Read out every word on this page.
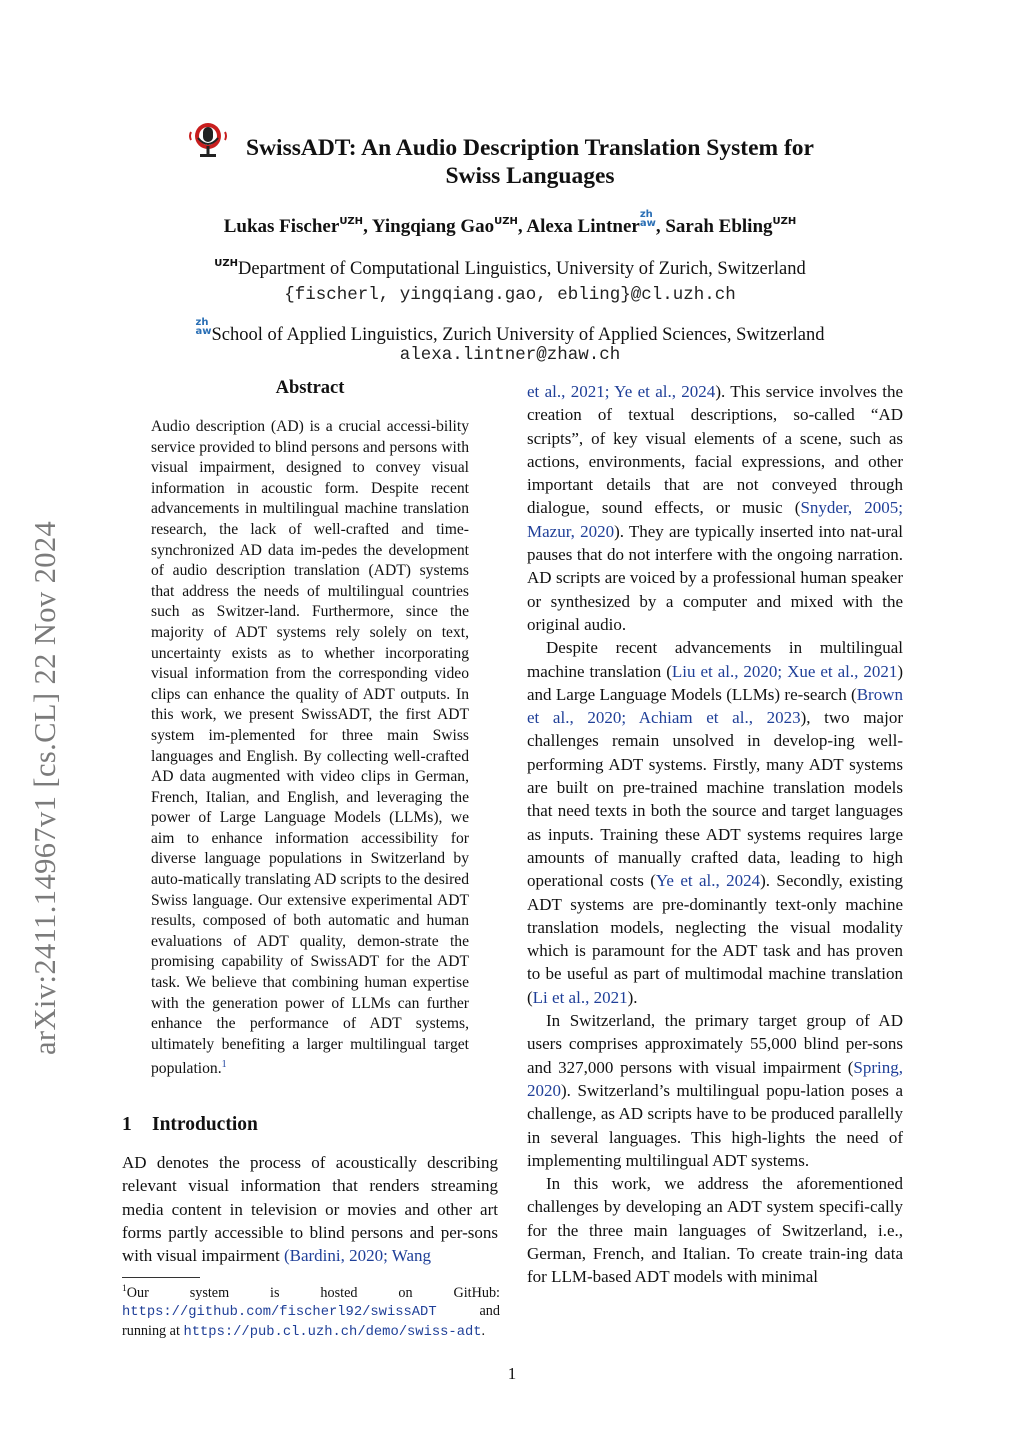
arXiv:2411.14967v1 [cs.CL] 22 Nov 2024
SwissADT: An Audio Description Translation System for
Swiss Languages
Lukas Fischer$^{UZH}$, Yingqiang Gao$^{UZH}$, Alexa Lintnerzh
aw, Sarah Ebling$^{UZH}$
$^{UZH}$Department of Computational Linguistics, University of Zurich, Switzerland
{fischerl, yingqiang.gao, ebling}@cl.uzh.ch
zh
awSchool of Applied Linguistics, Zurich University of Applied Sciences, Switzerland
alexa.lintner@zhaw.ch
Abstract
Audio description (AD) is a crucial accessi-bility service provided to blind persons and persons with visual impairment, designed to convey visual information in acoustic form. Despite recent advancements in multilingual machine translation research, the lack of well-crafted and time-synchronized AD data im-pedes the development of audio description translation (ADT) systems that address the needs of multilingual countries such as Switzer-land. Furthermore, since the majority of ADT systems rely solely on text, uncertainty exists as to whether incorporating visual information from the corresponding video clips can enhance the quality of ADT outputs. In this work, we present SwissADT, the first ADT system im-plemented for three main Swiss languages and English. By collecting well-crafted AD data augmented with video clips in German, French, Italian, and English, and leveraging the power of Large Language Models (LLMs), we aim to enhance information accessibility for diverse language populations in Switzerland by auto-matically translating AD scripts to the desired Swiss language. Our extensive experimental ADT results, composed of both automatic and human evaluations of ADT quality, demon-strate the promising capability of SwissADT for the ADT task. We believe that combining human expertise with the generation power of LLMs can further enhance the performance of ADT systems, ultimately benefiting a larger multilingual target population.$^1$
1 Introduction
AD denotes the process of acoustically describing relevant visual information that renders streaming media content in television or movies and other art forms partly accessible to blind persons and per-sons with visual impairment (Bardini, 2020; Wang
$^1$Our system is hosted on GitHub: https://github.com/fischerl92/swissADT and running at https://pub.cl.uzh.ch/demo/swiss-adt.

et al., 2021; Ye et al., 2024). This service involves the creation of textual descriptions, so-called “AD scripts”, of key visual elements of a scene, such as actions, environments, facial expressions, and other important details that are not conveyed through dialogue, sound effects, or music (Snyder, 2005; Mazur, 2020). They are typically inserted into nat-ural pauses that do not interfere with the ongoing narration. AD scripts are voiced by a professional human speaker or synthesized by a computer and mixed with the original audio.

Despite recent advancements in multilingual machine translation (Liu et al., 2020; Xue et al., 2021) and Large Language Models (LLMs) re-search (Brown et al., 2020; Achiam et al., 2023), two major challenges remain unsolved in develop-ing well-performing ADT systems. Firstly, many ADT systems are built on pre-trained machine translation models that need texts in both the source and target languages as inputs. Training these ADT systems requires large amounts of manually crafted data, leading to high operational costs (Ye et al., 2024). Secondly, existing ADT systems are pre-dominantly text-only machine translation models, neglecting the visual modality which is paramount for the ADT task and has proven to be useful as part of multimodal machine translation (Li et al., 2021).

In Switzerland, the primary target group of AD users comprises approximately 55,000 blind per-sons and 327,000 persons with visual impairment (Spring, 2020). Switzerland’s multilingual popu-lation poses a challenge, as AD scripts have to be produced parallelly in several languages. This high-lights the need of implementing multilingual ADT systems.

In this work, we address the aforementioned challenges by developing an ADT system specifi-cally for the three main languages of Switzerland, i.e., German, French, and Italian. To create train-ing data for LLM-based ADT models with minimal

1
